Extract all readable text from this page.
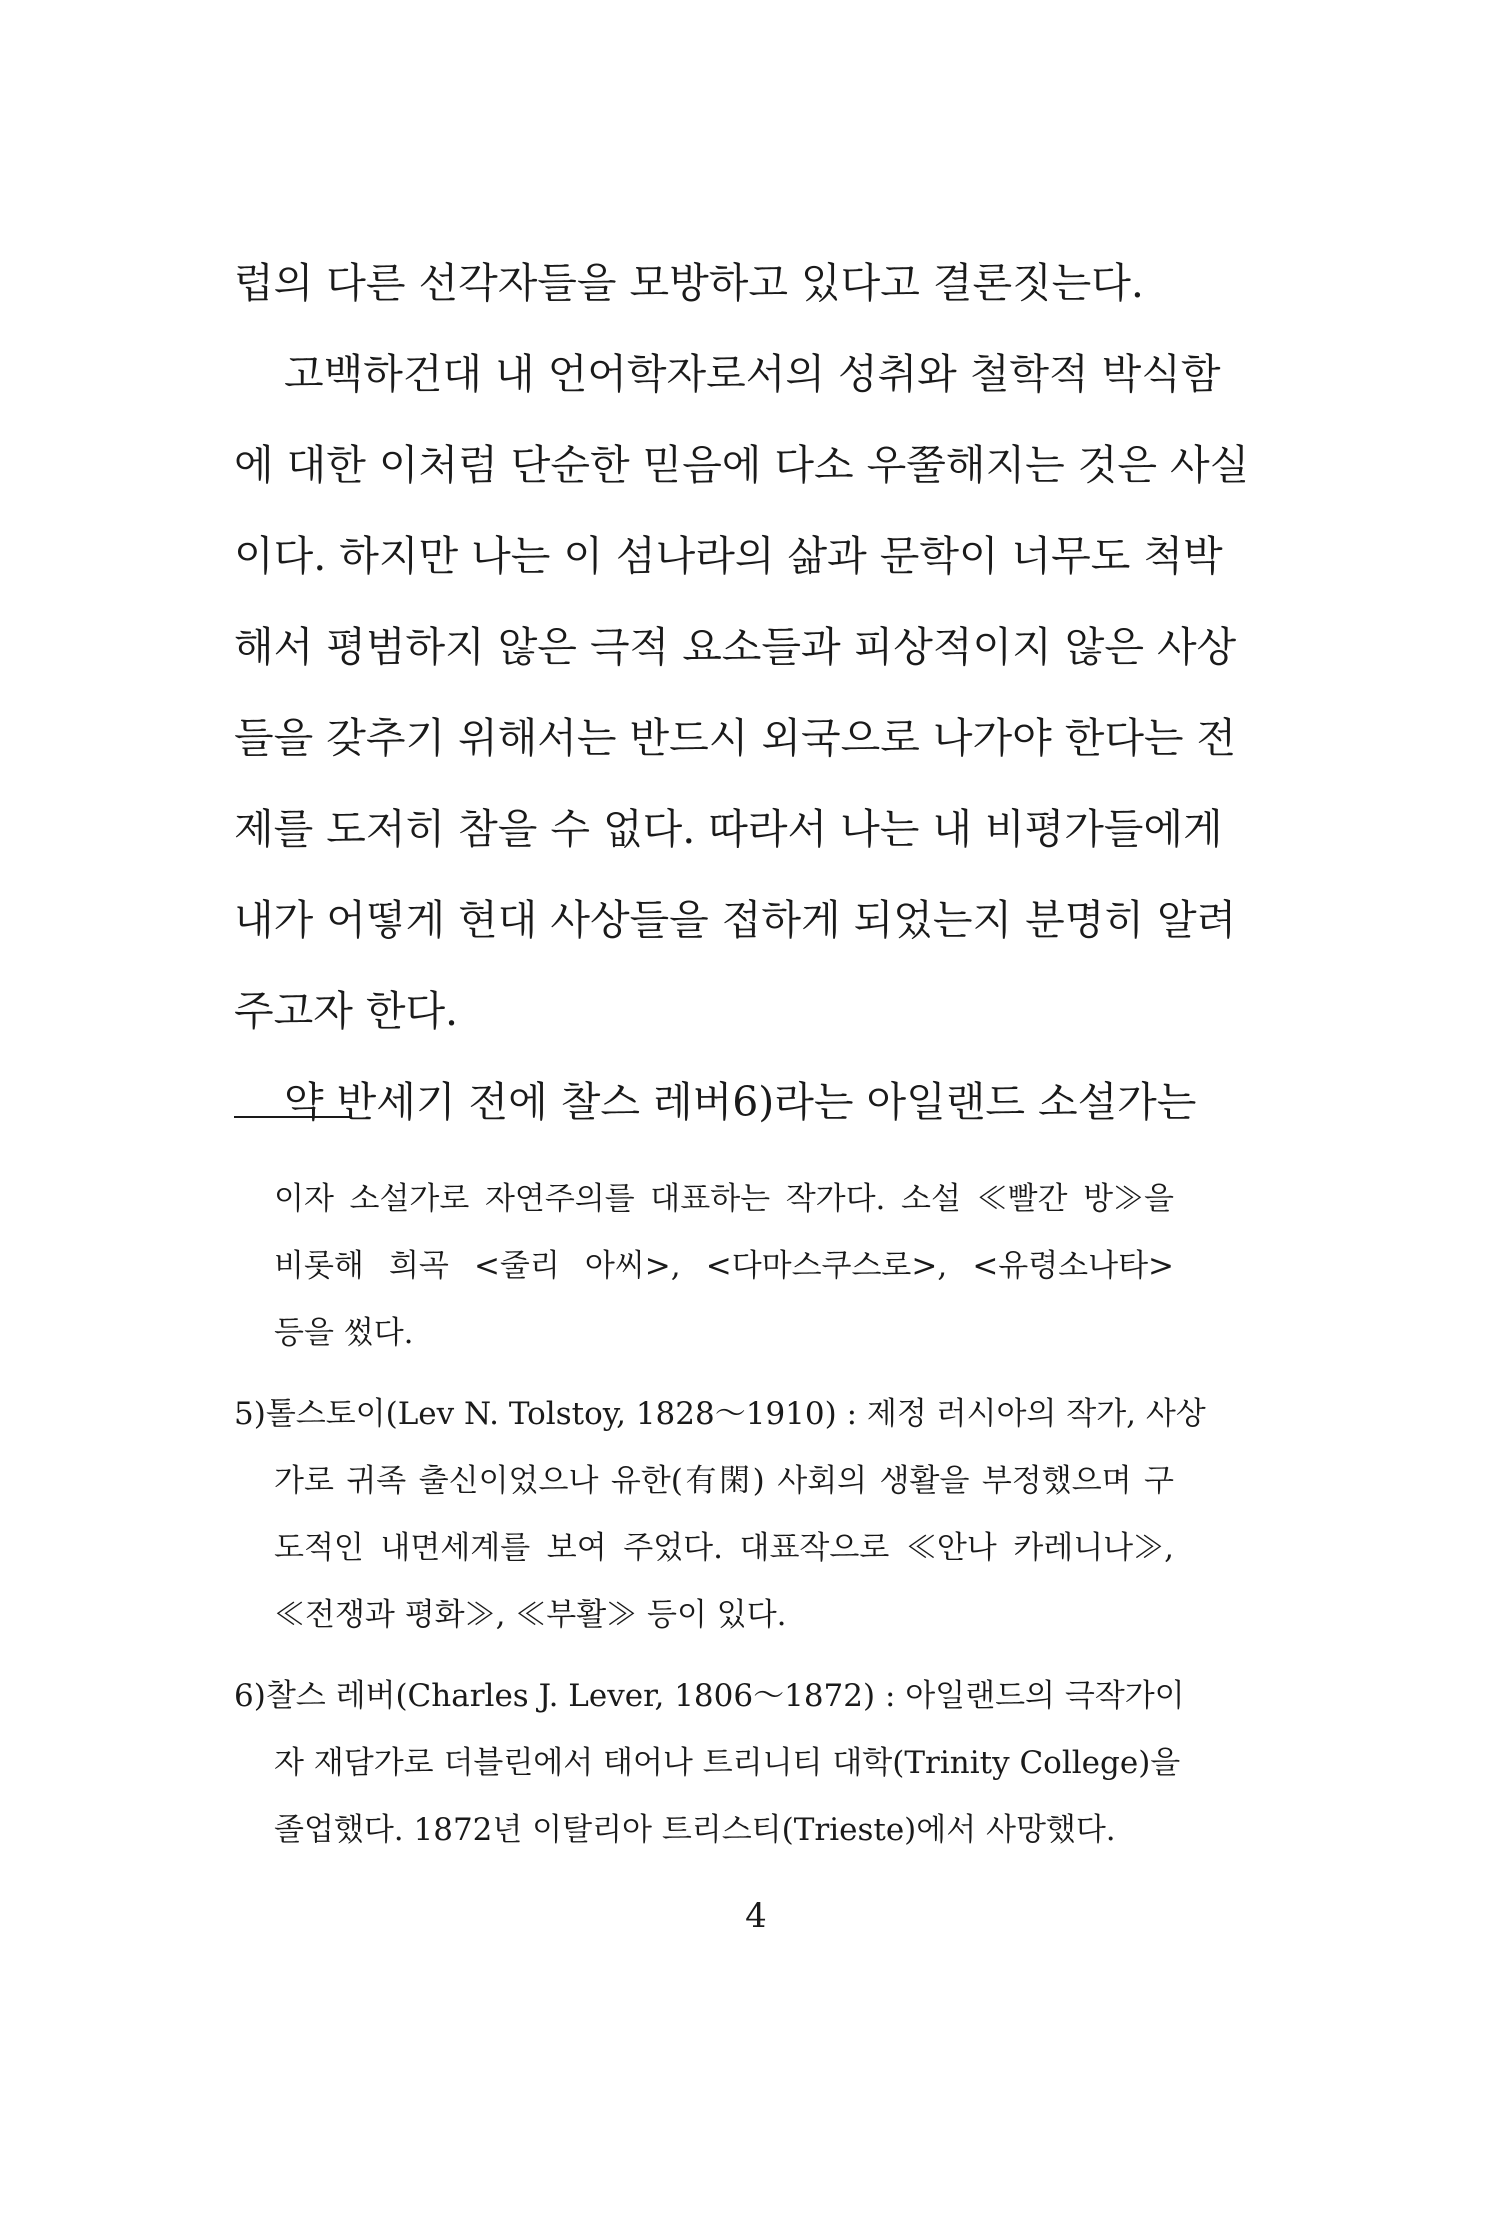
럽의 다른 선각자들을 모방하고 있다고 결론짓는다.
고백하건대 내 언어학자로서의 성취와 철학적 박식함
에 대한 이처럼 단순한 믿음에 다소 우쭐해지는 것은 사실
이다. 하지만 나는 이 섬나라의 삶과 문학이 너무도 척박
해서 평범하지 않은 극적 요소들과 피상적이지 않은 사상
들을 갖추기 위해서는 반드시 외국으로 나가야 한다는 전
제를 도저히 참을 수 없다. 따라서 나는 내 비평가들에게
내가 어떻게 현대 사상들을 접하게 되었는지 분명히 알려
주고자 한다.
약 반세기 전에 찰스 레버6)라는 아일랜드 소설가는
이자 소설가로 자연주의를 대표하는 작가다. 소설 ≪빨간 방≫을
비롯해 희곡 <줄리 아씨>, <다마스쿠스로>, <유령소나타>
등을 썼다.
5) 톨스토이(Lev N. Tolstoy, 1828～1910) : 제정 러시아의 작가, 사상
가로 귀족 출신이었으나 유한(有閑) 사회의 생활을 부정했으며 구
도적인 내면세계를 보여 주었다. 대표작으로 ≪안나 카레니나≫,
≪전쟁과 평화≫, ≪부활≫ 등이 있다.
6) 찰스 레버(Charles J. Lever, 1806～1872) : 아일랜드의 극작가이
자 재담가로 더블린에서 태어나 트리니티 대학(Trinity College)을
졸업했다. 1872년 이탈리아 트리스티(Trieste)에서 사망했다.
4
